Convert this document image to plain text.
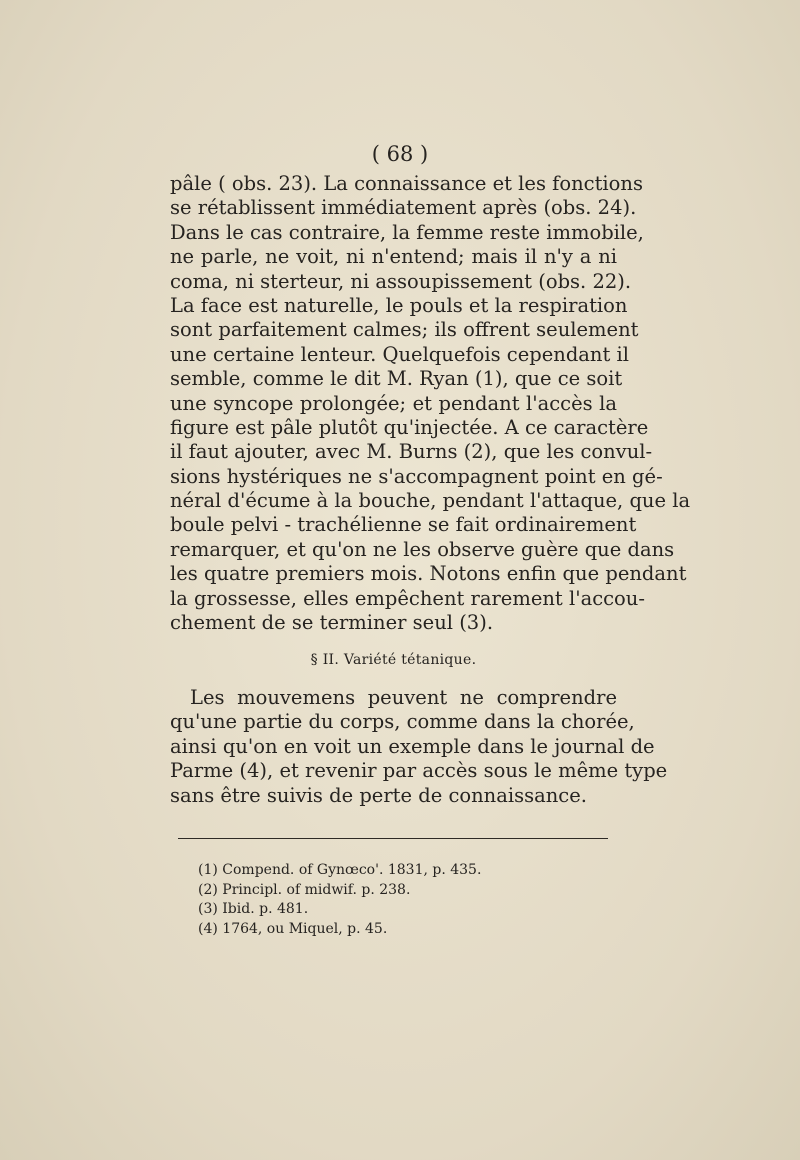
( 68 )
pâle ( obs. 23). La connaissance et les fonctions
se rétablissent immédiatement après (obs. 24).
Dans le cas contraire, la femme reste immobile,
ne parle, ne voit, ni n'entend; mais il n'y a ni
coma, ni sterteur, ni assoupissement (obs. 22).
La face est naturelle, le pouls et la respiration
sont parfaitement calmes; ils offrent seulement
une certaine lenteur. Quelquefois cependant il
semble, comme le dit M. Ryan (1), que ce soit
une syncope prolongée; et pendant l'accès la
figure est pâle plutôt qu'injectée. A ce caractère
il faut ajouter, avec M. Burns (2), que les convul-
sions hystériques ne s'accompagnent point en gé-
néral d'écume à la bouche, pendant l'attaque, que la
boule pelvi - trachélienne se fait ordinairement
remarquer, et qu'on ne les observe guère que dans
les quatre premiers mois. Notons enfin que pendant
la grossesse, elles empêchent rarement l'accou-
chement de se terminer seul (3).
§ II. Variété tétanique.
Les mouvemens peuvent ne comprendre
qu'une partie du corps, comme dans la chorée,
ainsi qu'on en voit un exemple dans le journal de
Parme (4), et revenir par accès sous le même type
sans être suivis de perte de connaissance.
(1) Compend. of Gynœco'. 1831, p. 435.
(2) Principl. of midwif. p. 238.
(3) Ibid. p. 481.
(4) 1764, ou Miquel, p. 45.
